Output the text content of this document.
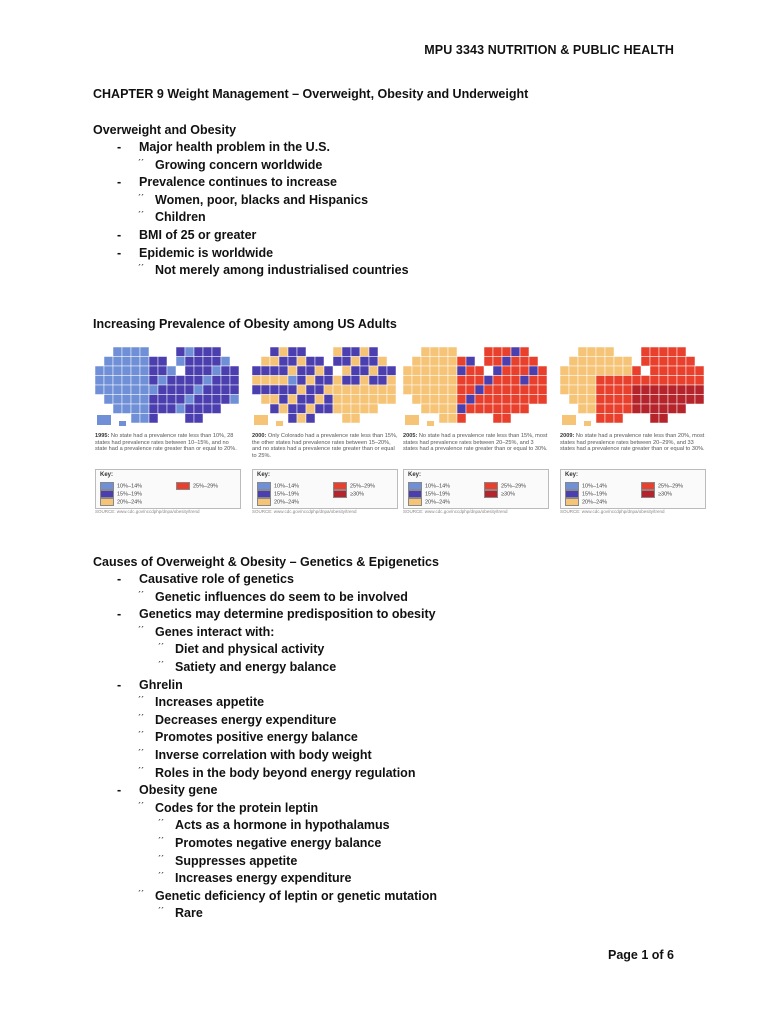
MPU 3343 NUTRITION & PUBLIC HEALTH
CHAPTER 9 Weight Management – Overweight, Obesity and Underweight
Overweight and Obesity
- Major health problem in the U.S.
ˊˊ Growing concern worldwide
- Prevalence continues to increase
ˊˊ Women, poor, blacks and Hispanics
ˊˊ Children
- BMI of 25 or greater
- Epidemic is worldwide
ˊˊ Not merely among industrialised countries
Increasing Prevalence of Obesity among US Adults
1995: No state had a prevalence rate less than 10%, 28 states had prevalence rates between 10–15%, and no state had a prevalence rate greater than or equal to 20%.
Key:
10%–14%
15%–19%
20%–24%
25%–29%
SOURCE: www.cdc.gov/nccdphp/dnpa/obesity/trend
2000: Only Colorado had a prevalence rate less than 15%, the other states had prevalence rates between 15–20%, and no states had a prevalence rate greater than or equal to 25%.
Key:
10%–14%
15%–19%
20%–24%
25%–29%
≥30%
SOURCE: www.cdc.gov/nccdphp/dnpa/obesity/trend
2005: No state had a prevalence rate less than 15%, most states had prevalence rates between 20–25%, and 3 states had a prevalence rate greater than or equal to 30%.
Key:
10%–14%
15%–19%
20%–24%
25%–29%
≥30%
SOURCE: www.cdc.gov/nccdphp/dnpa/obesity/trend
2009: No state had a prevalence rate less than 20%, most states had prevalence rates between 20–29%, and 33 states had a prevalence rate greater than or equal to 30%.
Key:
10%–14%
15%–19%
20%–24%
25%–29%
≥30%
SOURCE: www.cdc.gov/nccdphp/dnpa/obesity/trend
Causes of Overweight & Obesity – Genetics & Epigenetics
- Causative role of genetics
ˊˊ Genetic influences do seem to be involved
- Genetics may determine predisposition to obesity
ˊˊ Genes interact with:
ˊˊ Diet and physical activity
ˊˊ Satiety and energy balance
- Ghrelin
ˊˊ Increases appetite
ˊˊ Decreases energy expenditure
ˊˊ Promotes positive energy balance
ˊˊ Inverse correlation with body weight
ˊˊ Roles in the body beyond energy regulation
- Obesity gene
ˊˊ Codes for the protein leptin
ˊˊ Acts as a hormone in hypothalamus
ˊˊ Promotes negative energy balance
ˊˊ Suppresses appetite
ˊˊ Increases energy expenditure
ˊˊ Genetic deficiency of leptin or genetic mutation
ˊˊ Rare
Page 1 of 6
